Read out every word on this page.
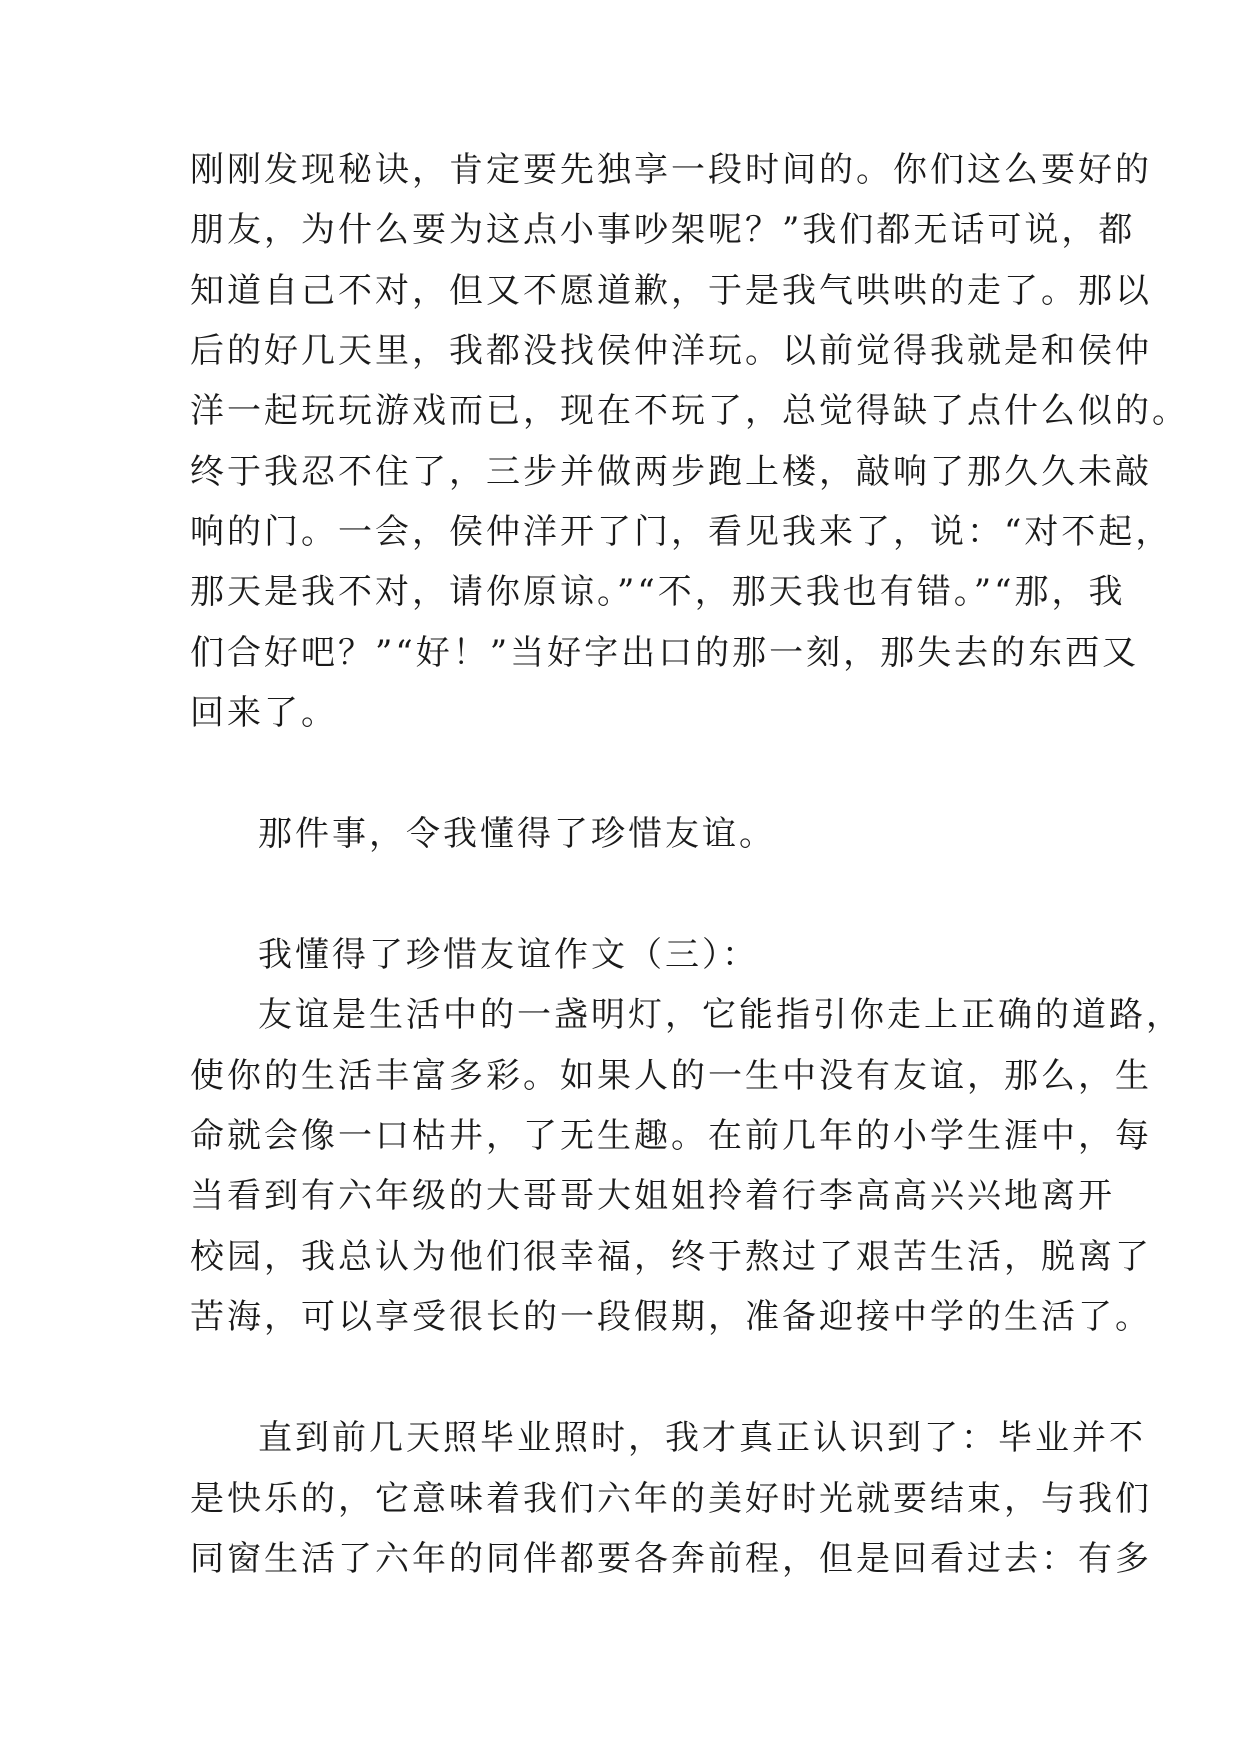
刚刚发现秘诀，肯定要先独享一段时间的。你们这么要好的
朋友，为什么要为这点小事吵架呢？”我们都无话可说，都
知道自己不对，但又不愿道歉，于是我气哄哄的走了。那以
后的好几天里，我都没找侯仲洋玩。以前觉得我就是和侯仲
洋一起玩玩游戏而已，现在不玩了，总觉得缺了点什么似的。
终于我忍不住了，三步并做两步跑上楼，敲响了那久久未敲
响的门。一会，侯仲洋开了门，看见我来了，说：“对不起，
那天是我不对，请你原谅。”“不，那天我也有错。”“那，我
们合好吧？”“好！”当好字出口的那一刻，那失去的东西又
回来了。
那件事，令我懂得了珍惜友谊。
我懂得了珍惜友谊作文（三）：
友谊是生活中的一盏明灯，它能指引你走上正确的道路，
使你的生活丰富多彩。如果人的一生中没有友谊，那么，生
命就会像一口枯井，了无生趣。在前几年的小学生涯中，每
当看到有六年级的大哥哥大姐姐拎着行李高高兴兴地离开
校园，我总认为他们很幸福，终于熬过了艰苦生活，脱离了
苦海，可以享受很长的一段假期，准备迎接中学的生活了。
直到前几天照毕业照时，我才真正认识到了：毕业并不
是快乐的，它意味着我们六年的美好时光就要结束，与我们
同窗生活了六年的同伴都要各奔前程，但是回看过去：有多
